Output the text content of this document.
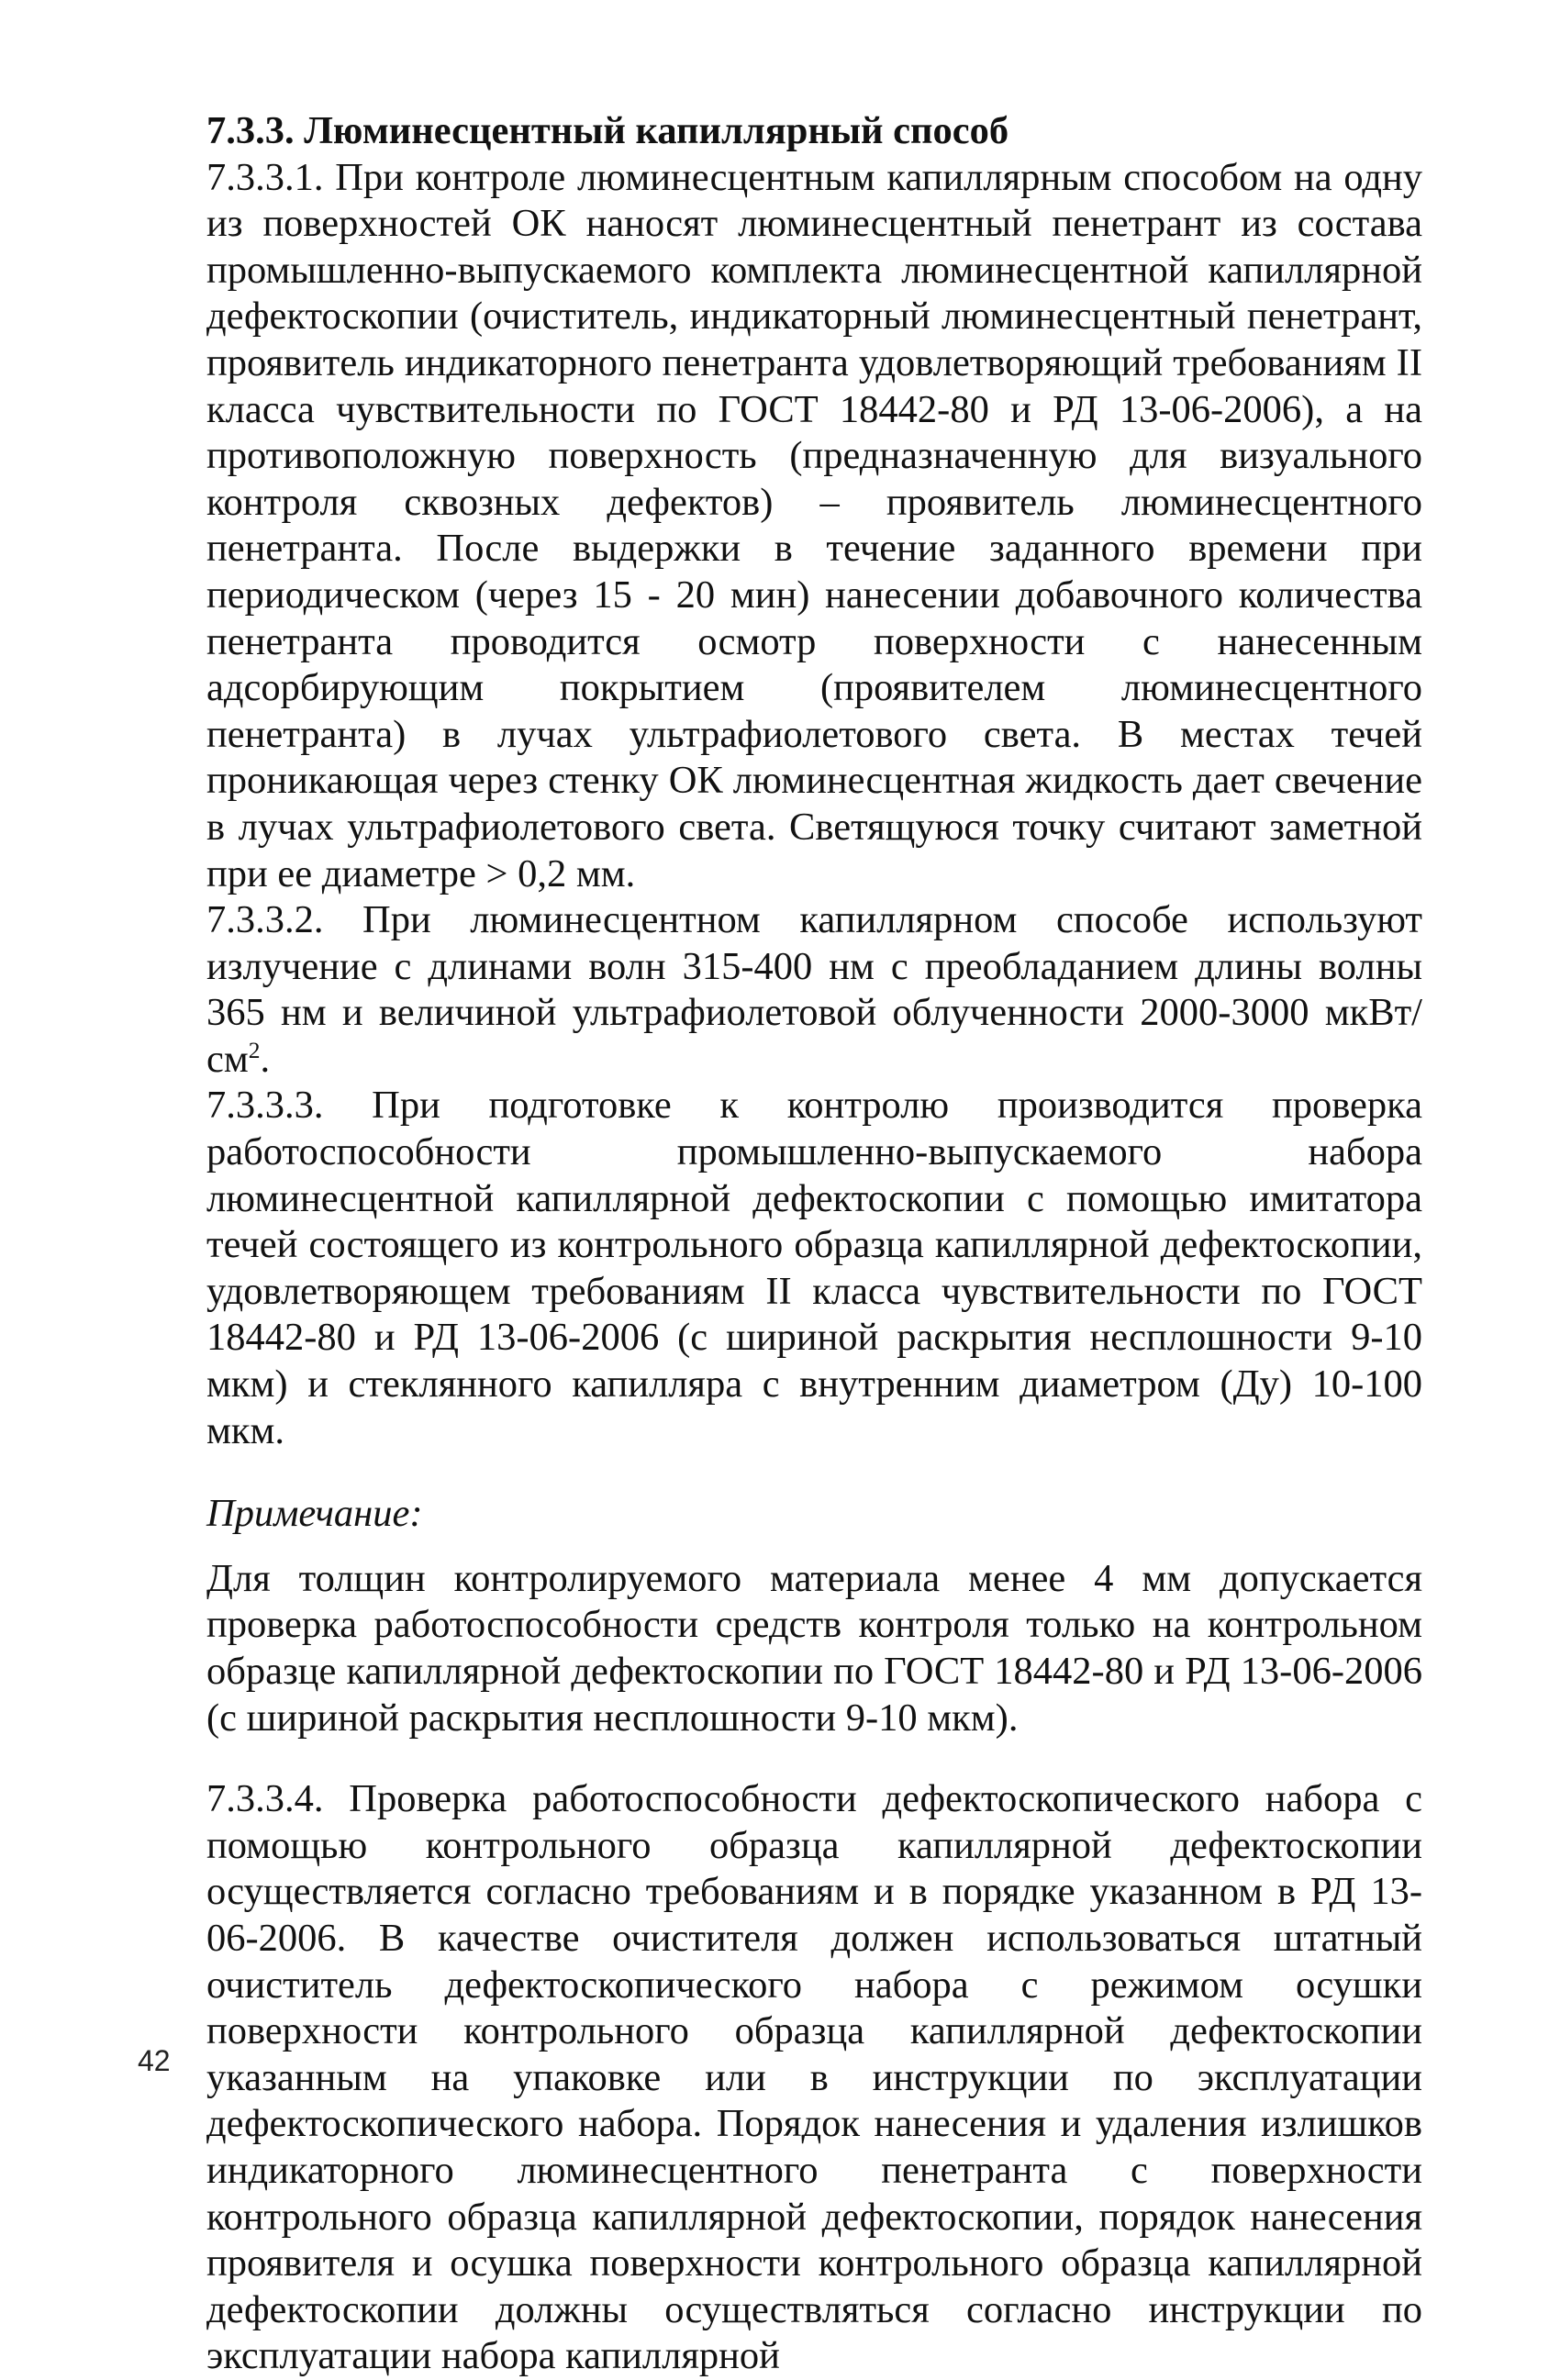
7.3.3. Люминесцентный капиллярный способ

7.3.3.1. При контроле люминесцентным капиллярным способом на одну из поверхностей ОК наносят люминесцентный пенетрант из состава промышленно-выпускаемого комплекта люминесцентной капиллярной дефектоскопии (очиститель, индикаторный люминесцентный пенетрант, проявитель индикаторного пенетранта удовлетворяющий требованиям II класса чувствительности по ГОСТ 18442-80 и РД 13-06-2006), а на противоположную поверхность (предназначенную для визуального контроля сквозных дефектов) – проявитель люминесцентного пенетранта. После выдержки в течение заданного времени при периодическом (через 15 - 20 мин) нанесении добавочного количества пенетранта проводится осмотр поверхности с нанесенным адсорбирующим покрытием (проявителем люминесцентного пенетранта) в лучах ультрафиолетового света. В местах течей проникающая через стенку ОК люминесцентная жидкость дает свечение в лучах ультрафиолетового света. Светящуюся точку считают заметной при ее диаметре > 0,2 мм.

7.3.3.2. При люминесцентном капиллярном способе используют излучение с длинами волн 315-400 нм с преобладанием длины волны 365 нм и величиной ультрафиолетовой облученности 2000-3000 мкВт/$см^2$.

7.3.3.3. При подготовке к контролю производится проверка работоспособности промышленно-выпускаемого набора люминесцентной капиллярной дефектоскопии с помощью имитатора течей состоящего из контрольного образца капиллярной дефектоскопии, удовлетворяющем требованиям II класса чувствительности по ГОСТ 18442-80 и РД 13-06-2006 (с шириной раскрытия несплошности 9-10 мкм) и стеклянного капилляра с внутренним диаметром (Ду) 10-100 мкм.

Примечание:

Для толщин контролируемого материала менее 4 мм допускается проверка работоспособности средств контроля только на контрольном образце капиллярной дефектоскопии по ГОСТ 18442-80 и РД 13-06-2006 (с шириной раскрытия несплошности 9-10 мкм).

7.3.3.4. Проверка работоспособности дефектоскопического набора с помощью контрольного образца капиллярной дефектоскопии осуществляется согласно требованиям и в порядке указанном в РД 13-06-2006. В качестве очистителя должен использоваться штатный очиститель дефектоскопического набора с режимом осушки поверхности контрольного образца капиллярной дефектоскопии указанным на упаковке или в инструкции по эксплуатации дефектоскопического набора. Порядок нанесения и удаления излишков индикаторного люминесцентного пенетранта с поверхности контрольного образца капиллярной дефектоскопии, порядок нанесения проявителя и осушка поверхности контрольного образца капиллярной дефектоскопии должны осуществляться согласно инструкции по эксплуатации набора капиллярной

42
